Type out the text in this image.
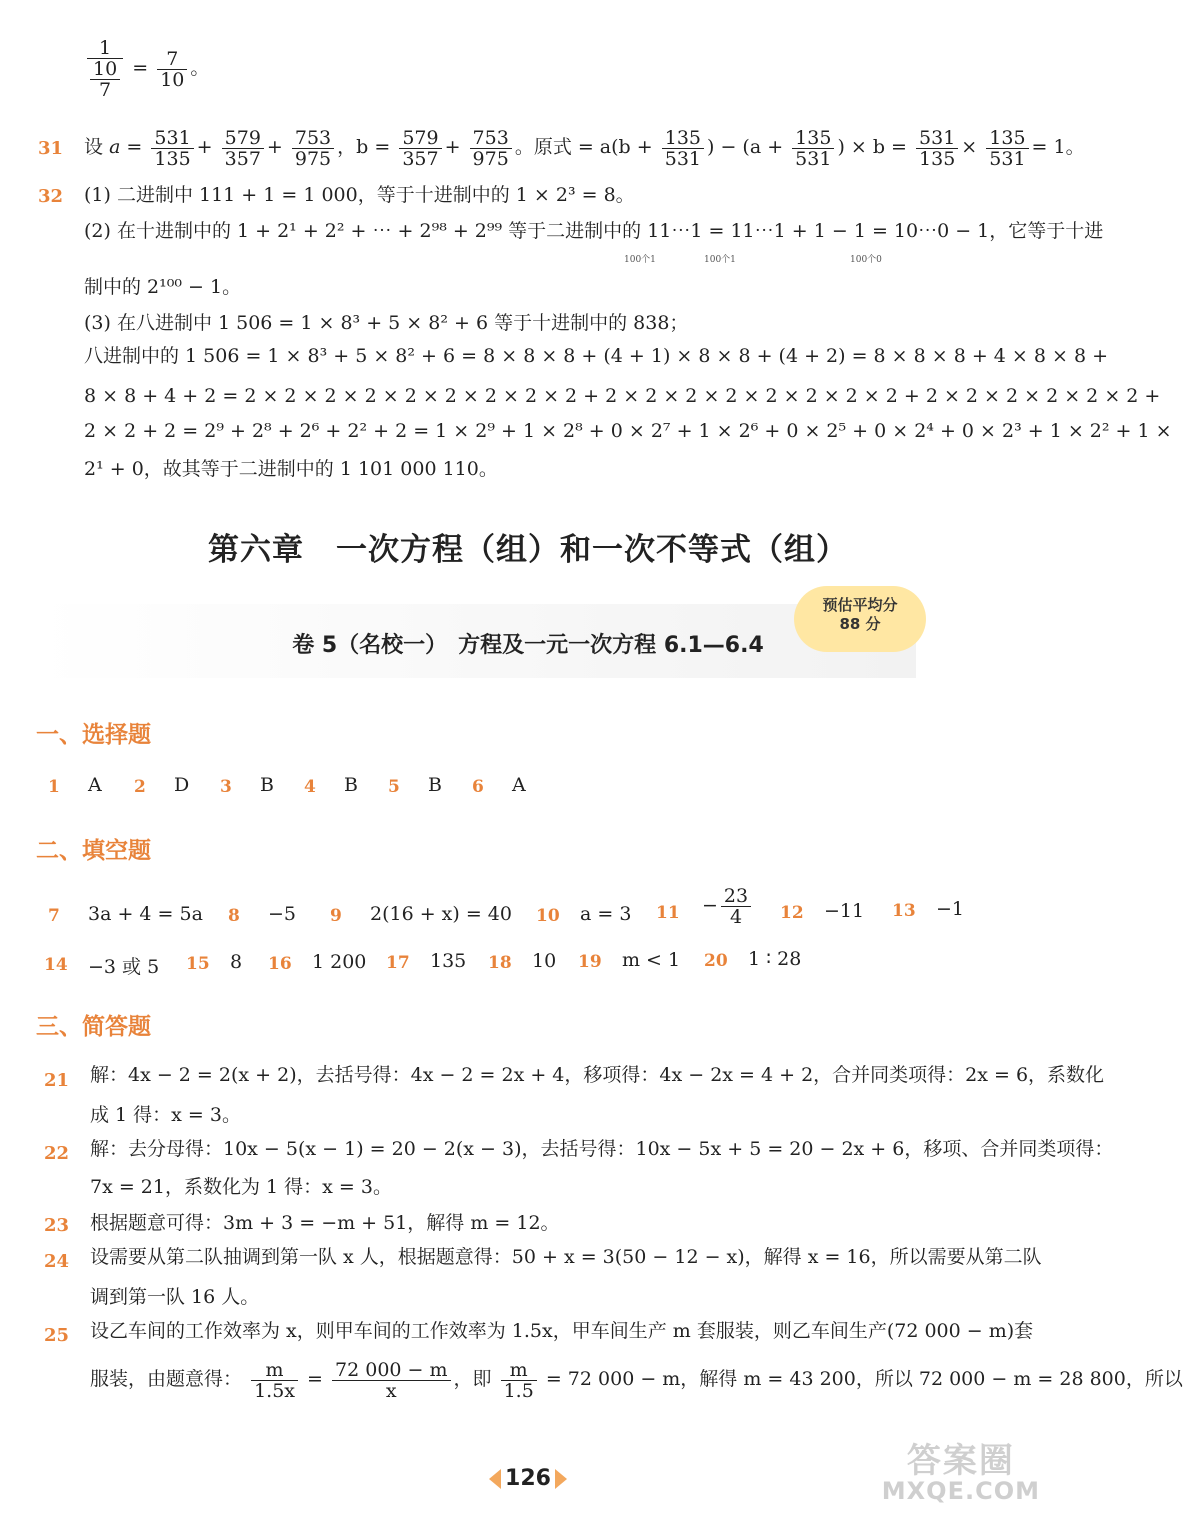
$\frac{1}{\frac{10}{7}} = \frac{7}{10}$ 。
31 设 $a = \frac{531}{135} + \frac{579}{357} + \frac{753}{975}$ ，$b = \frac{579}{357} + \frac{753}{975}$ 。原式 = $a(b + \frac{135}{531}$ ) − ($a + \frac{135}{531}$ ) × $b = \frac{531}{135} \times \frac{135}{531} = 1$。
32 (1) 二进制中 111 + 1 = 1 000，等于十进制中的 1 × 2³ = 8。
(2) 在十进制中的 1 + 2¹ + 2² + ⋯ + 2⁹⁸ + 2⁹⁹ 等于二进制中的 11⋯1 = 11⋯1 + 1 − 1 = 10⋯0 − 1，它等于十进
100个1	100个1	100个0
制中的 2¹⁰⁰ − 1。
(3) 在八进制中 1 506 = 1 × 8³ + 5 × 8² + 6 等于十进制中的 838；
八进制中的 1 506 = 1 × 8³ + 5 × 8² + 6 = 8 × 8 × 8 + (4 + 1) × 8 × 8 + (4 + 2) = 8 × 8 × 8 + 4 × 8 × 8 +
8 × 8 + 4 + 2 = 2 × 2 × 2 × 2 × 2 × 2 × 2 × 2 × 2 + 2 × 2 × 2 × 2 × 2 × 2 × 2 × 2 + 2 × 2 × 2 × 2 × 2 × 2 +
2 × 2 + 2 = 2⁹ + 2⁸ + 2⁶ + 2² + 2 = 1 × 2⁹ + 1 × 2⁸ + 0 × 2⁷ + 1 × 2⁶ + 0 × 2⁵ + 0 × 2⁴ + 0 × 2³ + 1 × 2² + 1 ×
2¹ + 0，故其等于二进制中的 1 101 000 110。
第六章　一次方程（组）和一次不等式（组）
卷 5（名校一）　方程及一元一次方程 6.1—6.4
预估平均分
88 分
一、选择题
1 A 2 D 3 B 4 B 5 B 6 A
二、填空题
7 3a + 4 = 5a 8 −5 9 2(16 + x) = 40 10 a = 3 $11 - \frac{23}{4} 12 -11$ 13 −1
14 −3 或 5 15 8 16 1 200 17 135 18 10 19 m < 1 20 1 ∶ 28
三、简答题
21 解：4x − 2 = 2(x + 2)，去括号得：4x − 2 = 2x + 4，移项得：4x − 2x = 4 + 2，合并同类项得：2x = 6，系数化
成 1 得：x = 3。
22 解：去分母得：10x − 5(x − 1) = 20 − 2(x − 3)，去括号得：10x − 5x + 5 = 20 − 2x + 6，移项、合并同类项得：
7x = 21，系数化为 1 得：x = 3。
23 根据题意可得：3m + 3 = −m + 51，解得 m = 12。
24 设需要从第二队抽调到第一队 x 人，根据题意得：50 + x = 3(50 − 12 − x)，解得 x = 16，所以需要从第二队
调到第一队 16 人。
25 设乙车间的工作效率为 x，则甲车间的工作效率为 1.5x，甲车间生产 m 套服装，则乙车间生产(72 000 − m)套
服装，由题意得： $\frac{m}{1.5x} = \frac{72 000 - m}{x}$ ，即 $\frac{m}{1.5} = 72$ 000 − m，解得 m = 43 200，所以 72 000 − m = 28 800，所以
126	答案圈
MXQE.COM
